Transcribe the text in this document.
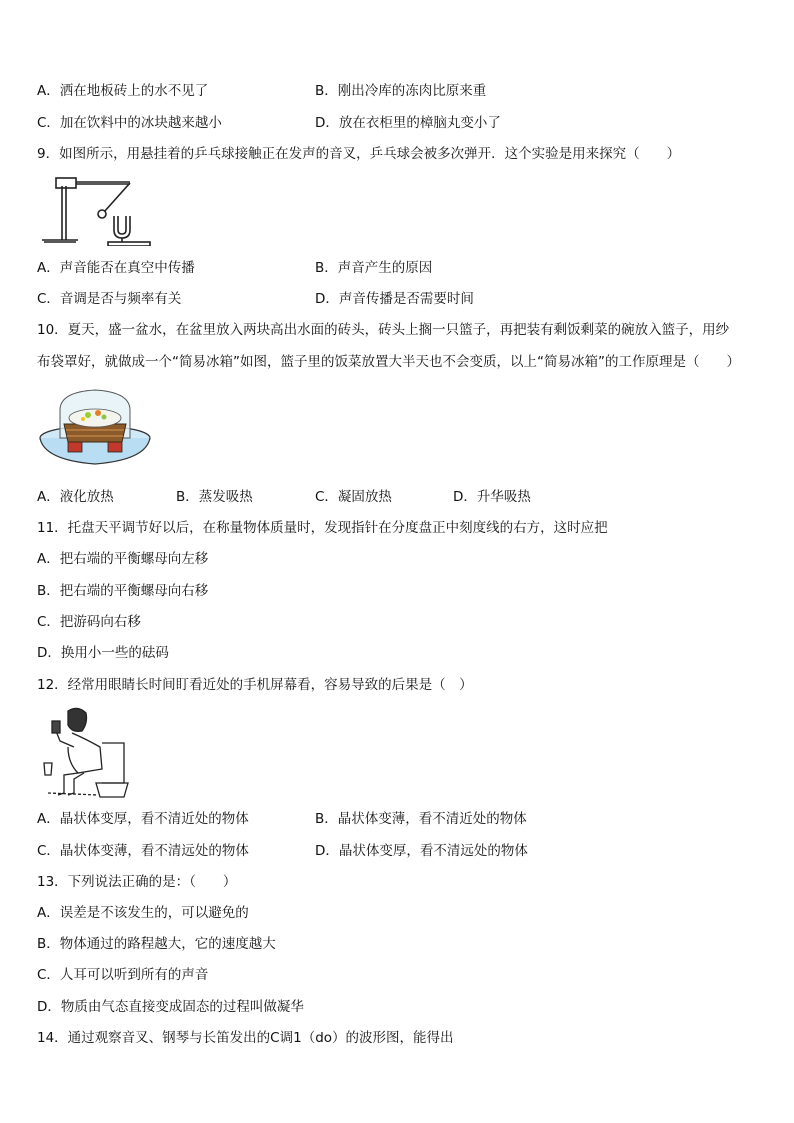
A．洒在地板砖上的水不见了	B．刚出冷库的冻肉比原来重
C．加在饮料中的冰块越来越小	D．放在衣柜里的樟脑丸变小了
9．如图所示，用悬挂着的乒乓球接触正在发声的音叉，乒乓球会被多次弹开．这个实验是用来探究（　　）
A．声音能否在真空中传播	B．声音产生的原因
C．音调是否与频率有关	D．声音传播是否需要时间
10．夏天，盛一盆水，在盆里放入两块高出水面的砖头，砖头上搁一只篮子，再把装有剩饭剩菜的碗放入篮子，用纱
布袋罩好，就做成一个“简易冰箱”如图，篮子里的饭菜放置大半天也不会变质，以上“简易冰箱”的工作原理是（　　）
A．液化放热	B．蒸发吸热	C．凝固放热	D．升华吸热
11．托盘天平调节好以后，在称量物体质量时，发现指针在分度盘正中刻度线的右方，这时应把
A．把右端的平衡螺母向左移
B．把右端的平衡螺母向右移
C．把游码向右移
D．换用小一些的砝码
12．经常用眼睛长时间盯看近处的手机屏幕看，容易导致的后果是（　）
A．晶状体变厚，看不清近处的物体	B．晶状体变薄，看不清近处的物体
C．晶状体变薄，看不清远处的物体	D．晶状体变厚，看不清远处的物体
13．下列说法正确的是：（　　）
A．误差是不该发生的，可以避免的
B．物体通过的路程越大，它的速度越大
C．人耳可以听到所有的声音
D．物质由气态直接变成固态的过程叫做凝华
14．通过观察音叉、钢琴与长笛发出的C调1（do）的波形图，能得出
